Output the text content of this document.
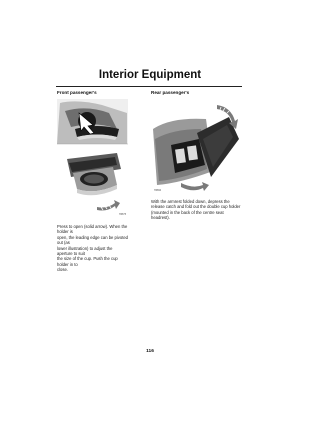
Interior Equipment
Front passenger's
H6875
Press to open (solid arrow). When the holder is
open, the leading edge can be pivoted out (as
lower illustration) to adjust the aperture to suit
the size of the cup. Push the cup holder in to
close.
Rear passenger's
H6890
With the armrest folded down, depress the
release catch and fold out the double cup holder
(mounted in the back of the centre seat
headrest).
116
